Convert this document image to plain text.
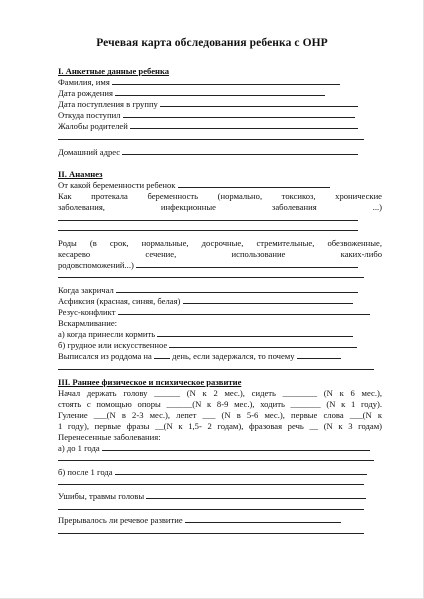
Речевая карта обследования ребенка с ОНР
I. Анкетные данные ребенка
Фамилия, имя
Дата рождения
Дата поступления в группу
Откуда поступил
Жалобы родителей
Домашний адрес
II. Анамнез
От какой беременности ребенок
Как протекала беременность (нормально, токсикоз, хронические
заболевания, инфекционные заболевания ...)
Роды (в срок, нормальные, досрочные, стремительные, обезвоженные,
кесарево сечение, использование каких-либо
родовспоможений...)
Когда закричал
Асфиксия (красная, синяя, белая)
Резус-конфликт
Вскармливание:
а) когда принесли кормить
б) грудное или искусственное
Выписался из роддома на день, если задержался, то почему
III. Раннее физическое и психическое развитие
Начал держать голову ______ (N к 2 мес.), сидеть ________ (N к 6 мес.),
стоять с помощью опоры ______(N к 8-9 мес.), ходить _______ (N к 1 году).
Гуление ___(N в 2-3 мес.), лепет ___ (N в 5-6 мес.), первые слова ___(N к
1 году), первые фразы __(N к 1,5- 2 годам), фразовая речь __ (N к 3 годам)
Перенесенные заболевания:
а) до 1 года
б) после 1 года
Ушибы, травмы головы
Прерывалось ли речевое развитие
